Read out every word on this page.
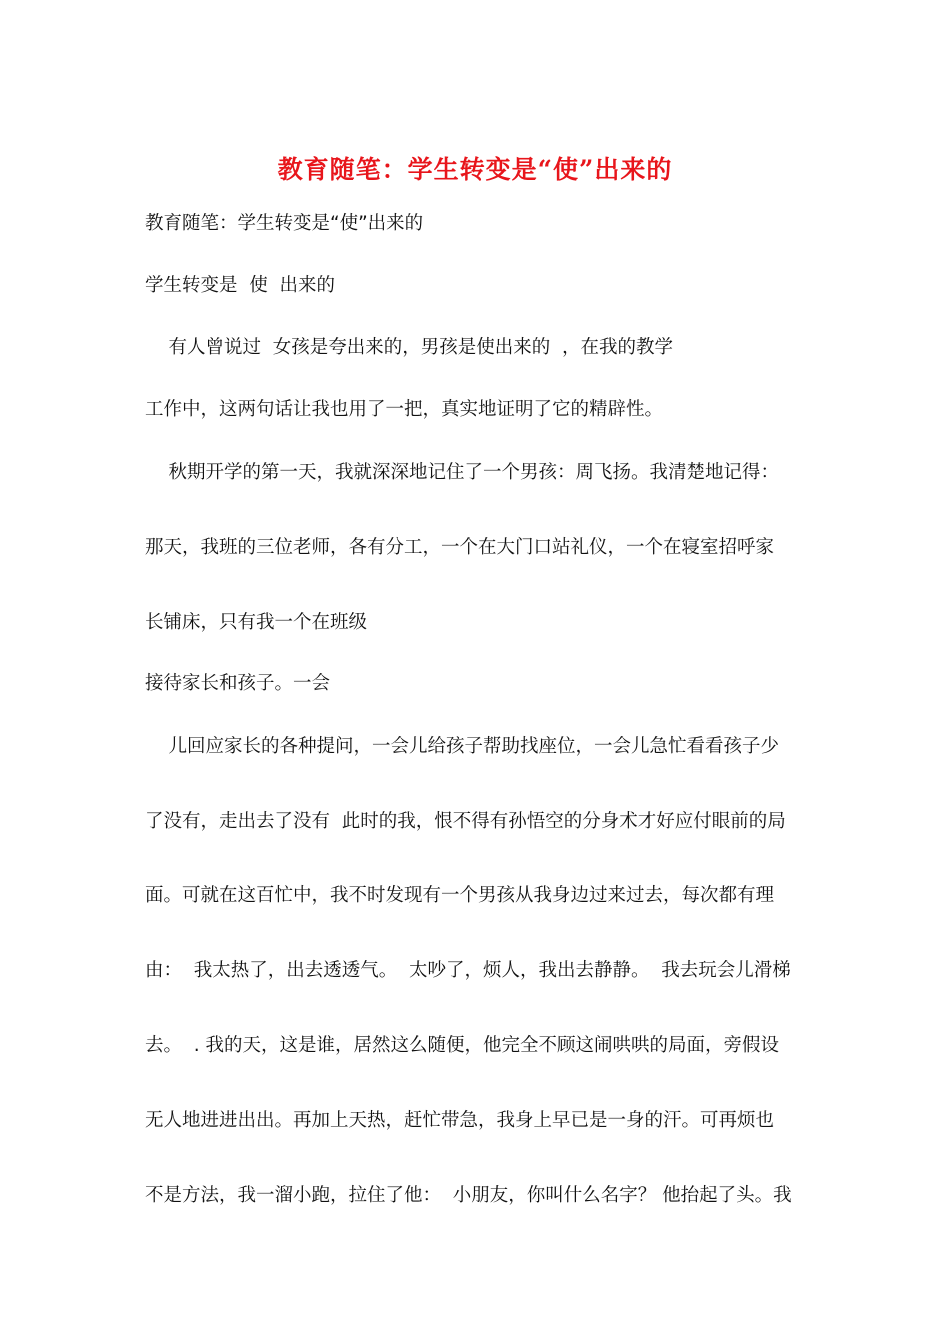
教育随笔：学生转变是“使”出来的
教育随笔：学生转变是“使”出来的
学生转变是  使  出来的
有人曾说过  女孩是夸出来的，男孩是使出来的  ，在我的教学
工作中，这两句话让我也用了一把，真实地证明了它的精辟性。
秋期开学的第一天，我就深深地记住了一个男孩：周飞扬。我清楚地记得：
那天，我班的三位老师，各有分工，一个在大门口站礼仪，一个在寝室招呼家
长铺床，只有我一个在班级
接待家长和孩子。一会
儿回应家长的各种提问，一会儿给孩子帮助找座位，一会儿急忙看看孩子少
了没有，走出去了没有  此时的我，恨不得有孙悟空的分身术才好应付眼前的局
面。可就在这百忙中，我不时发现有一个男孩从我身边过来过去，每次都有理
由：  我太热了，出去透透气。  太吵了，烦人，我出去静静。  我去玩会儿滑梯
去。  . 我的天，这是谁，居然这么随便，他完全不顾这闹哄哄的局面，旁假设
无人地进进出出。再加上天热，赶忙带急，我身上早已是一身的汗。可再烦也
不是方法，我一溜小跑，拉住了他：  小朋友，你叫什么名字？ 他抬起了头。我
